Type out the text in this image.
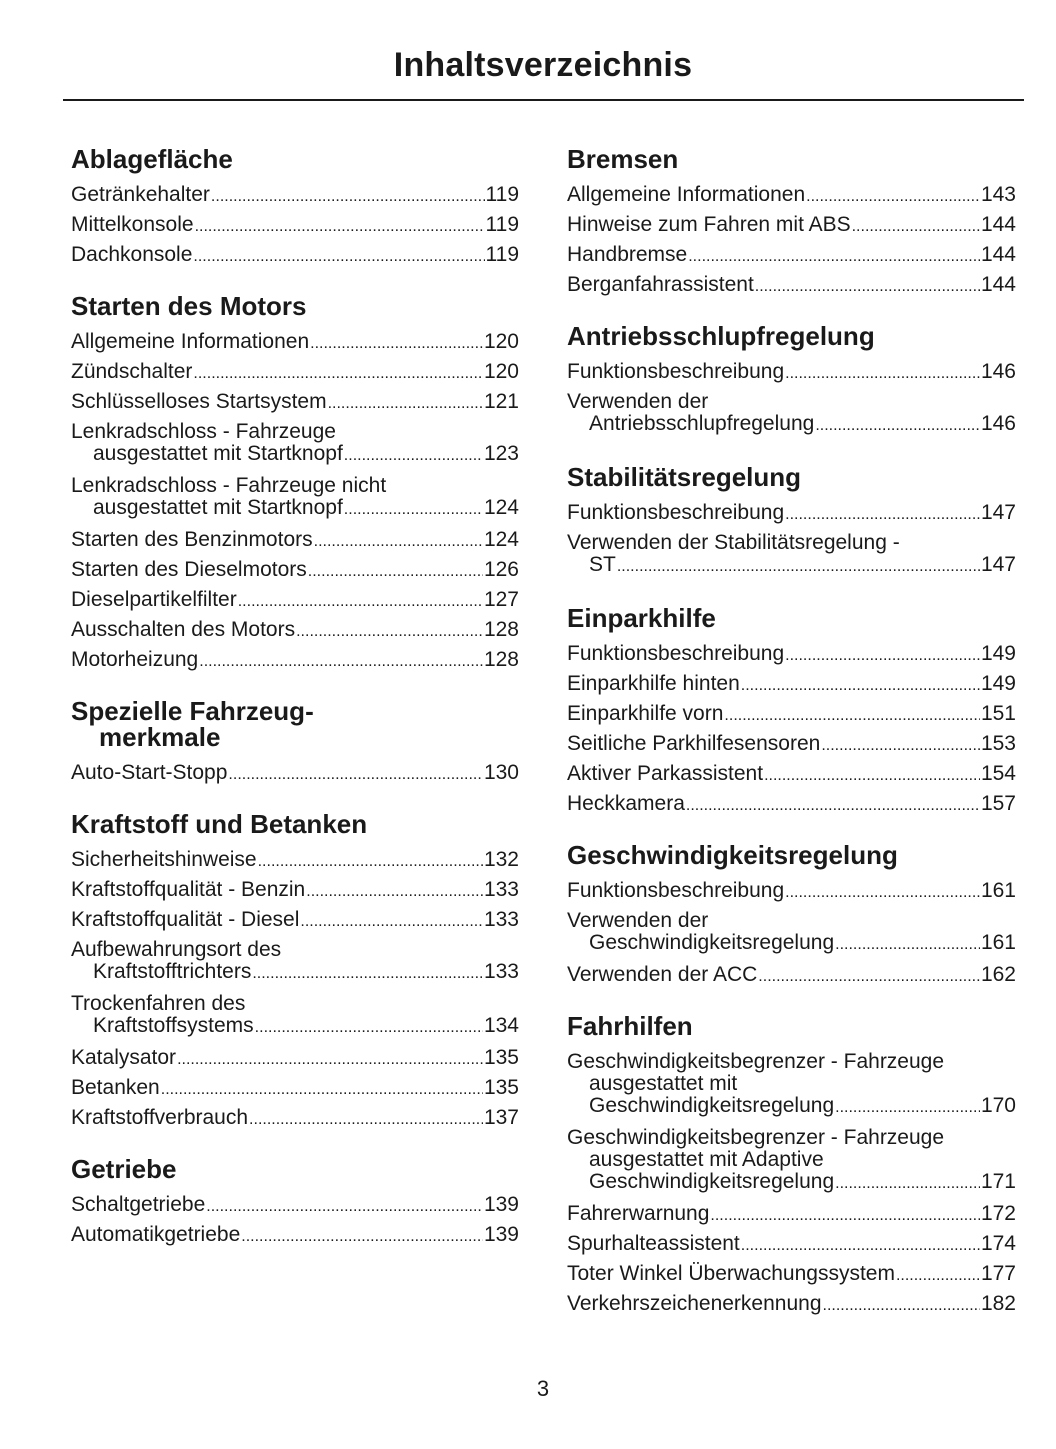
Inhaltsverzeichnis
Ablagefläche
Getränkehalter .....	119
Mittelkonsole .....	119
Dachkonsole .....	119
Starten des Motors
Allgemeine Informationen .....	120
Zündschalter .....	120
Schlüsselloses Startsystem .....	121
Lenkradschloss - Fahrzeuge
ausgestattet mit Startknopf .....	123
Lenkradschloss - Fahrzeuge nicht
ausgestattet mit Startknopf .....	124
Starten des Benzinmotors .....	124
Starten des Dieselmotors .....	126
Dieselpartikelfilter .....	127
Ausschalten des Motors .....	128
Motorheizung .....	128
Spezielle Fahrzeug-
merkmale
Auto-Start-Stopp .....	130
Kraftstoff und Betanken
Sicherheitshinweise .....	132
Kraftstoffqualität - Benzin .....	133
Kraftstoffqualität - Diesel .....	133
Aufbewahrungsort des
Kraftstofftrichters .....	133
Trockenfahren des
Kraftstoffsystems .....	134
Katalysator .....	135
Betanken .....	135
Kraftstoffverbrauch .....	137
Getriebe
Schaltgetriebe .....	139
Automatikgetriebe .....	139
Bremsen
Allgemeine Informationen .....	143
Hinweise zum Fahren mit ABS .....	144
Handbremse .....	144
Berganfahrassistent .....	144
Antriebsschlupfregelung
Funktionsbeschreibung .....	146
Verwenden der
Antriebsschlupfregelung .....	146
Stabilitätsregelung
Funktionsbeschreibung .....	147
Verwenden der Stabilitätsregelung -
ST .....	147
Einparkhilfe
Funktionsbeschreibung .....	149
Einparkhilfe hinten .....	149
Einparkhilfe vorn .....	151
Seitliche Parkhilfesensoren .....	153
Aktiver Parkassistent .....	154
Heckkamera .....	157
Geschwindigkeitsregelung
Funktionsbeschreibung .....	161
Verwenden der
Geschwindigkeitsregelung .....	161
Verwenden der ACC .....	162
Fahrhilfen
Geschwindigkeitsbegrenzer - Fahrzeuge
ausgestattet mit
Geschwindigkeitsregelung .....	170
Geschwindigkeitsbegrenzer - Fahrzeuge
ausgestattet mit Adaptive
Geschwindigkeitsregelung .....	171
Fahrerwarnung .....	172
Spurhalteassistent .....	174
Toter Winkel Überwachungssystem .....	177
Verkehrszeichenerkennung .....	182
3
